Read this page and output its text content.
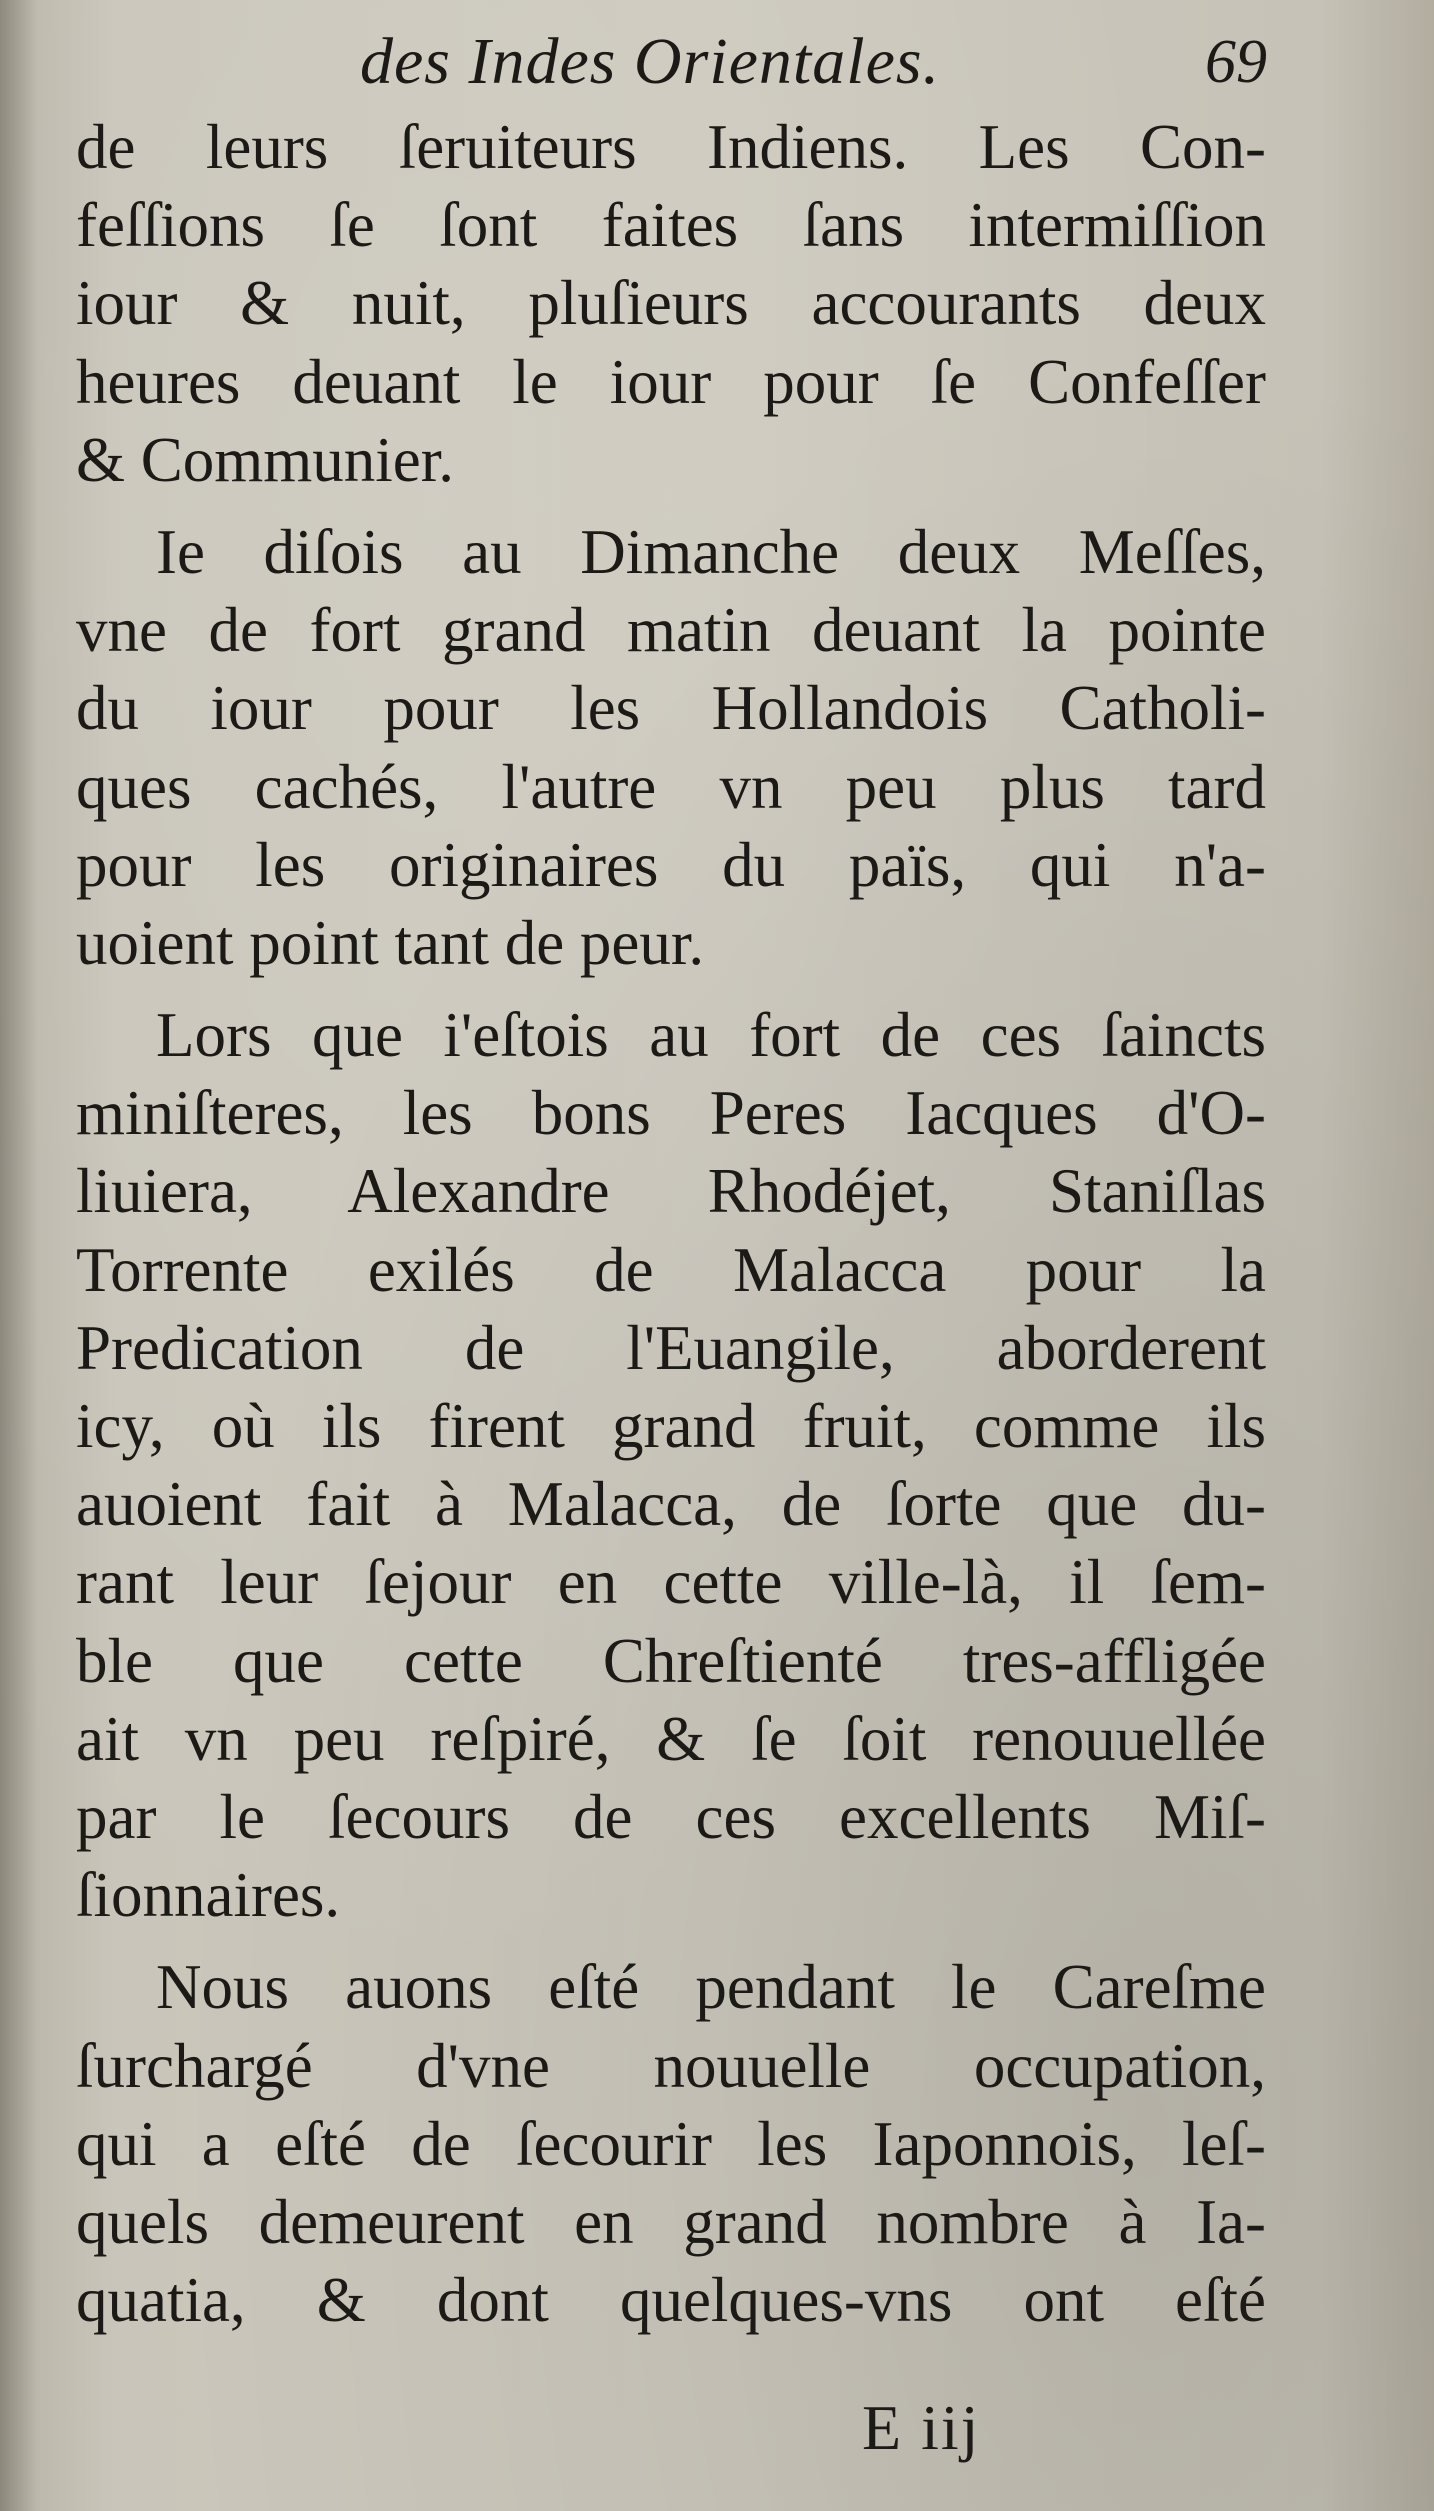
des Indes Orientales.	69
de leurs ſeruiteurs Indiens. Les Con-
feſſions ſe ſont faites ſans intermiſſion
iour & nuit, pluſieurs accourants deux
heures deuant le iour pour ſe Confeſſer
& Communier.
Ie diſois au Dimanche deux Meſſes,
vne de fort grand matin deuant la pointe
du iour pour les Hollandois Catholi-
ques cachés, l'autre vn peu plus tard
pour les originaires du païs, qui n'a-
uoient point tant de peur.
Lors que i'eſtois au fort de ces ſaincts
miniſteres, les bons Peres Iacques d'O-
liuiera, Alexandre Rhodéjet, Staniſlas
Torrente exilés de Malacca pour la
Predication de l'Euangile, aborderent
icy, où ils firent grand fruit, comme ils
auoient fait à Malacca, de ſorte que du-
rant leur ſejour en cette ville-là, il ſem-
ble que cette Chreſtienté tres-affligée
ait vn peu reſpiré, & ſe ſoit renouuellée
par le ſecours de ces excellents Miſ-
ſionnaires.
Nous auons eſté pendant le Careſme
ſurchargé d'vne nouuelle occupation,
qui a eſté de ſecourir les Iaponnois, leſ-
quels demeurent en grand nombre à Ia-
quatia, & dont quelques-vns ont eſté
E iij
